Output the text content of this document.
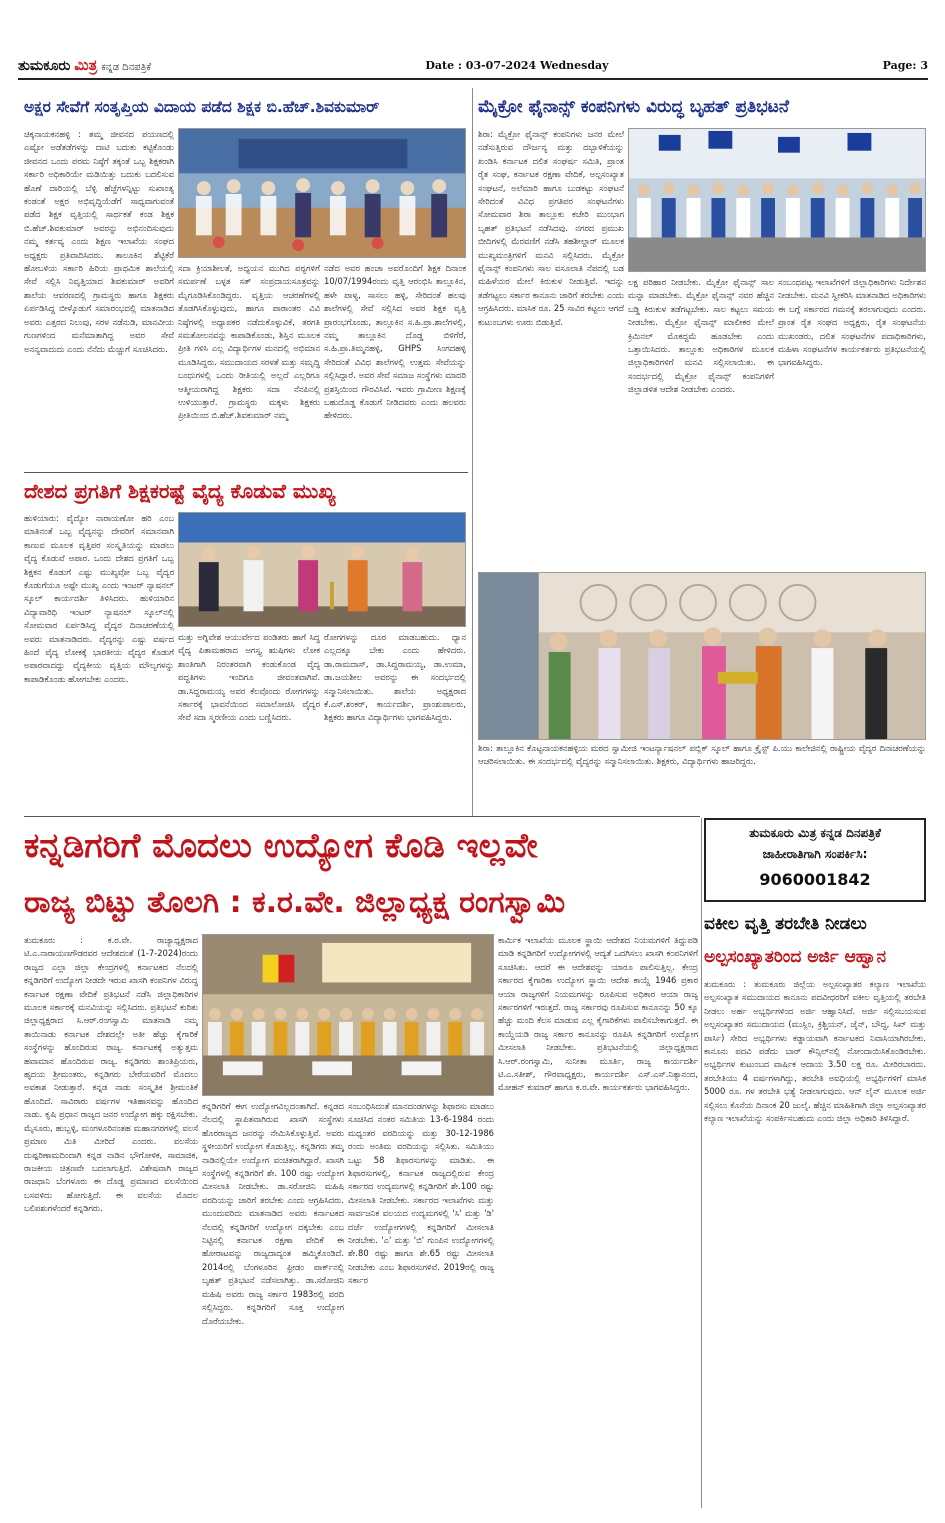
ತುಮಕೂರು ಮಿತ್ರ ಕನ್ನಡ ದಿನಪತ್ರಿಕೆ	Date : 03-07-2024 Wednesday	Page: 3
ಅಕ್ಷರ ಸೇವೆಗೆ ಸಂತೃಪ್ತಿಯ ವಿದಾಯ ಪಡೆದ ಶಿಕ್ಷಕ ಬಿ.ಹೆಚ್.ಶಿವಕುಮಾರ್
ಚಿಕ್ಕನಾಯಕನಹಳ್ಳಿ : ತಮ್ಮ ಜೀವನದ ಪಯಣದಲ್ಲಿ ಎಷ್ಟೋ ಅಡೆತಡೆಗಳನ್ನು ದಾಟಿ ಬದುಕು ಕಟ್ಟಿಕೊಂಡು ಜೀವನದ ಒಂದು ಪರಮ ನಿಷ್ಠೆಗೆ ತಕ್ಕಂತೆ ಒಬ್ಬ ಶಿಕ್ಷಕರಾಗಿ ಸರ್ಕಾರಿ ಅಧಿಕಾರಿಯೇ ಮಡಿಯಿತ್ತು ಬದುಕು ಬದಲಿಸುವ ಹೊಣೆ ದಾರಿಯಲ್ಲಿ ಬೆಳ್ಳಿ ಹೆಜ್ಜೆಗಳನ್ನಿಟ್ಟು ಸುಖಾಂತ್ಯ ಕಂಡಂತೆ ಅಕ್ಷರ ಅಭಿವೃದ್ಧಿಯೆಡೆಗೆ ಸಾಧ್ಯವಾಗುವಂತೆ ಪಡೆದ ಶಿಕ್ಷಕ ವೃತ್ತಿಯಲ್ಲಿ ಸಾರ್ಥಕತೆ ಕಂಡ ಶಿಕ್ಷಕ ಬಿ.ಹೆಚ್.ಶಿವಕುಮಾರ್ ಅವರನ್ನು ಅಭಿನಂದಿಸುವುದು ನಮ್ಮ ಕರ್ತವ್ಯ ಎಂದು ಶಿಕ್ಷಣ ಇಲಾಖೆಯ ಸಂಘದ ಅಧ್ಯಕ್ಷರು ಪ್ರತಿವಾದಿಸಿದರು. ತಾಲೂಕಿನ ಶೆಟ್ಟಿಕೆರೆ ಹೋಬಳಿಯ ಸರ್ಕಾರಿ ಹಿರಿಯ ಪ್ರಾಥಮಿಕ ಶಾಲೆಯಲ್ಲಿ ಸೇವೆ ಸಲ್ಲಿಸಿ ನಿವೃತ್ತಿಯಾದ ಶಿವಕುಮಾರ್ ಅವರಿಗೆ ಶಾಲೆಯ ಆವರಣದಲ್ಲಿ ಗ್ರಾಮಸ್ಥರು ಹಾಗೂ ಶಿಕ್ಷಕರು ಏರ್ಪಡಿಸಿದ್ದ ಬೀಳ್ಕೊಡುಗೆ ಸಮಾರಂಭದಲ್ಲಿ ಮಾತನಾಡಿದ ಅವರು ಎತ್ತರದ ನಿಲುವು, ಸರಳ ನಡೆನುಡಿ, ಮಾನವೀಯ ಗುಣಗಳಿಂದ ಮನೆಮಾತಾಗಿದ್ದ ಅವರ ಸೇವೆ ಅನನ್ಯವಾದುದು ಎಂದು ನೆನೆದು ಮೆಚ್ಚುಗೆ ಸೂಚಿಸಿದರು.
ಸದಾ ಕ್ರಿಯಾಶೀಲತೆ, ಅಧ್ಯಯನ ಮುಗಿದ ಪಠ್ಯಗಳಿಗೆ ಸಮರ್ಪಣೆ ಬಳ್ಳತ ಸತ್ ಸಂಪ್ರದಾಯಸೂತ್ರವನ್ನು ಮೈಗೂಡಿಸಿಕೊಂಡಿದ್ದರು. ವೃತ್ತಿಯ ಆಚರಣೆಗಳಲ್ಲಿ ತೊಡಗಿಸಿಕೊಳ್ಳುವುದು, ಹಾಗೂ ಪಾಠಾಂತರ ವಿವಿ ನಿಷ್ಠೆಗಳಲ್ಲಿ ಅಧ್ಯಾಪಕರ ನಡೆದುಕೊಳ್ಳುವಿಕೆ, ತರಗತಿ ಸಮತೋಲನವನ್ನು ಕಾಪಾಡಿಕೊಂಡು, ಶಿಸ್ತಿನ ಮೂಲಕ ಪ್ರೀತಿ ಗಳಿಸಿ ಎಲ್ಲ ವಿದ್ಯಾರ್ಥಿಗಳ ಮನದಲ್ಲಿ ಅಭಿಮಾನ ಮೂಡಿಸಿದ್ದರು. ಸಮುದಾಯದ ಸರಳತೆ ಮತ್ತು ಸಮೃದ್ಧಿ ಬಂಧುಗಳಲ್ಲಿ ಒಂದು ರೀತಿಯಲ್ಲಿ ಅಲ್ಲದೆ ಎಲ್ಲರಿಗೂ ಆತ್ಮೀಯರಾಗಿದ್ದ ಶಿಕ್ಷಕರು ಸದಾ ನೆನಪಿನಲ್ಲಿ ಉಳಿಯುತ್ತಾರೆ. ಗ್ರಾಮಸ್ಥರು ಮಕ್ಕಳು ಶಿಕ್ಷಕರು ಪ್ರೀತಿಯಿಂದ ಬಿ.ಹೆಚ್.ಶಿವಕುಮಾರ್ ನಮ್ಮ
ನಡೆದ ಅವರ ಹಂಚಾ ಅವರೊಂದಿಗೆ ಶಿಕ್ಷಕ ದಿನಾಂಕ 10/07/1994ರಂದು ವೃತ್ತಿ ಆರಂಭಿಸಿ ತಾಲ್ಲೂಕಿನ, ಹಳೇ ಪಾಳ್ಯ, ಸಾಸಲು ಹಳ್ಳಿ, ಸೇರಿದಂತೆ ಹಲವು ಶಾಲೆಗಳಲ್ಲಿ ಸೇವೆ ಸಲ್ಲಿಸಿದ ಅವರ ಶಿಕ್ಷಕ ವೃತ್ತಿ ಪ್ರಾರಂಭಗೊಂಡು, ತಾಲ್ಲೂಕಿನ ಸ.ಹಿ.ಪ್ರಾ.ಶಾಲೆಗಳಲ್ಲಿ, ನಮ್ಮ ತಾಲ್ಲೂಕಿನ ದೊಡ್ಡ ಬಿಳಿಗೆರೆ, ಸ.ಹಿ.ಪ್ರಾ.ತಿಮ್ಮನಹಳ್ಳಿ, GHPS ಸಿಂಗದಹಳ್ಳಿ ಸೇರಿದಂತೆ ವಿವಿಧ ಶಾಲೆಗಳಲ್ಲಿ ಉತ್ತಮ ಸೇವೆಯನ್ನು ಸಲ್ಲಿಸಿದ್ದಾರೆ. ಅವರ ಸೇವೆ ಸಮಾಜ ಸಂಸ್ಥೆಗಳು ಮಾದರಿ ಪ್ರಶಸ್ತಿಯಿಂದ ಗೌರವಿಸಿವೆ. ಇವರು ಗ್ರಾಮೀಣ ಶಿಕ್ಷಣಕ್ಕೆ ಬಹುದೊಡ್ಡ ಕೊಡುಗೆ ನೀಡಿದವರು ಎಂದು ಹಲವರು ಹೇಳಿದರು.
ದೇಶದ ಪ್ರಗತಿಗೆ ಶಿಕ್ಷಕರಷ್ಟೆ ವೈದ್ಯ ಕೊಡುವೆ ಮುಖ್ಯ
ಹುಳಿಯಾರು: ವೈದ್ಯೋ ನಾರಾಯಣೋ ಹರಿ ಎಂಬ ಮಾತಿನಂತೆ ಒಬ್ಬ ವೈದ್ಯನನ್ನು ದೇವರಿಗೆ ಸಮಾನವಾಗಿ ಕಾಣುವ ಮೂಲಕ ವೃತ್ತಿಪರ ಸಂಸ್ಕೃತಿಯನ್ನು ಮಾಡಲು ವೈದ್ಯ ಕೊಡುವೆ ಅಪಾರ. ಒಂದು ದೇಶದ ಪ್ರಗತಿಗೆ ಒಬ್ಬ ಶಿಕ್ಷಕನ ಕೊಡುಗೆ ಎಷ್ಟು ಮುಖ್ಯವೋ ಒಬ್ಬ ವೈದ್ಯರ ಕೊಡುಗೆಯೂ ಅಷ್ಟೇ ಮುಖ್ಯ ಎಂದು ಇಂಟರ್ ನ್ಯಾಷನಲ್ ಸ್ಕೂಲ್ ಕಾರ್ಯದರ್ಶಿ ತಿಳಿಸಿದರು. ಹುಳಿಯಾರಿನ ವಿದ್ಯಾವಾರಿಧಿ ಇಂಟರ್ ನ್ಯಾಷನಲ್ ಸ್ಕೂಲ್‌ನಲ್ಲಿ ಸೋಮವಾರ ಏರ್ಪಡಿಸಿದ್ದ ವೈದ್ಯರ ದಿನಾಚರಣೆಯಲ್ಲಿ ಅವರು ಮಾತನಾಡಿದರು. ವೈದ್ಯರನ್ನು ಎಷ್ಟು ವರ್ಷದ ಹಿಂದೆ ವೈದ್ಯ ಲೋಕಕ್ಕೆ ಭಾರತೀಯ ವೈದ್ಯರ ಕೊಡುಗೆ ಅಪಾರವಾದದ್ದು ವೈದ್ಯಕೀಯ ವೃತ್ತಿಯ ಮೌಲ್ಯಗಳನ್ನು ಕಾಪಾಡಿಕೊಂಡು ಹೋಗಬೇಕು ಎಂದರು.
ಮತ್ತು ಅಗ್ನಿವೇಶ ಆಯುರ್ವೇದ ಪಂಡಿತರು ಹಾಗೆ ಸಿದ್ಧ ವೈದ್ಯ ಪಿತಾಮಹರಾದ ಅಗಸ್ತ್ಯ ಋಷಿಗಳು ಲೋಕ ಶಾಂತಿಗಾಗಿ ನಿರಂತರವಾಗಿ ಕಂಡುಕೊಂಡ ವೈದ್ಯ ಪದ್ಧತಿಗಳು ಇಂದಿಗೂ ಜೀವಂತವಾಗಿವೆ. ಡಾ.ಸಿದ್ದರಾಮಯ್ಯ ಅವರ ಕೆಲವೊಂದು ರೋಗಗಳನ್ನು ಸರ್ಕಾರಕ್ಕೆ ಭಾವನೆಯಿಂದ ಸಮಾಲೋಚಿಸಿ ವೈದ್ಯರ ಸೇವೆ ಸದಾ ಸ್ಮರಣೀಯ ಎಂದು ಬಣ್ಣಿಸಿದರು.
ರೋಗಗಳನ್ನು ದೂರ ಮಾಡಬಹುದು. ಧ್ಯಾನ ಎಲ್ಲದಕ್ಕೂ ಬೇಕು ಎಂದು ಹೇಳಿದರು. ಡಾ.ರಾಮದಾಸ್, ಡಾ.ಸಿದ್ದರಾಮಯ್ಯ, ಡಾ.ಉಮಾ, ಡಾ.ಜಯಶೀಲ ಅವರನ್ನು ಈ ಸಂದರ್ಭದಲ್ಲಿ ಸನ್ಮಾನಿಸಲಾಯಿತು. ಶಾಲೆಯ ಅಧ್ಯಕ್ಷರಾದ ಕೆ.ಎಸ್.ಶಂಕರ್, ಕಾರ್ಯದರ್ಶಿ, ಪ್ರಾಂಶುಪಾಲರು, ಶಿಕ್ಷಕರು ಹಾಗೂ ವಿದ್ಯಾರ್ಥಿಗಳು ಭಾಗವಹಿಸಿದ್ದರು.
ಮೈಕ್ರೋ ಫೈನಾನ್ಸ್ ಕಂಪನಿಗಳು ವಿರುದ್ಧ ಬೃಹತ್ ಪ್ರತಿಭಟನೆ
ಶಿರಾ: ಮೈಕ್ರೋ ಫೈನಾನ್ಸ್ ಕಂಪನಿಗಳು ಜನರ ಮೇಲೆ ನಡೆಸುತ್ತಿರುವ ದೌರ್ಜನ್ಯ ಮತ್ತು ದಬ್ಬಾಳಿಕೆಯನ್ನು ಖಂಡಿಸಿ ಕರ್ನಾಟಕ ದಲಿತ ಸಂಘರ್ಷ ಸಮಿತಿ, ಪ್ರಾಂತ ರೈತ ಸಂಘ, ಕರ್ನಾಟಕ ರಕ್ಷಣಾ ವೇದಿಕೆ, ಅಲ್ಪಸಂಖ್ಯಾತ ಸಂಘಟನೆ, ಅಲೆಮಾರಿ ಹಾಗೂ ಬುಡಕಟ್ಟು ಸಂಘಟನೆ ಸೇರಿದಂತೆ ವಿವಿಧ ಪ್ರಗತಿಪರ ಸಂಘಟನೆಗಳು ಸೋಮವಾರ ಶಿರಾ ತಾಲ್ಲೂಕು ಕಚೇರಿ ಮುಂಭಾಗ ಬೃಹತ್ ಪ್ರತಿಭಟನೆ ನಡೆಸಿದವು. ನಗರದ ಪ್ರಮುಖ ಬೀದಿಗಳಲ್ಲಿ ಮೆರವಣಿಗೆ ನಡೆಸಿ ತಹಶೀಲ್ದಾರ್ ಮೂಲಕ ಮುಖ್ಯಮಂತ್ರಿಗಳಿಗೆ ಮನವಿ ಸಲ್ಲಿಸಿದರು. ಮೈಕ್ರೋ ಫೈನಾನ್ಸ್ ಕಂಪನಿಗಳು ಸಾಲ ವಸೂಲಾತಿ ನೆಪದಲ್ಲಿ ಬಡ ಮಹಿಳೆಯರ ಮೇಲೆ ಕಿರುಕುಳ ನೀಡುತ್ತಿವೆ. ಇದನ್ನು ತಡೆಗಟ್ಟಲು ಸರ್ಕಾರ ಕಾನೂನು ಜಾರಿಗೆ ತರಬೇಕು ಎಂದು ಆಗ್ರಹಿಸಿದರು. ಮಾಸಿಕ ರೂ. 25 ಸಾವಿರ ಕಟ್ಟಲು ಆಗದೆ ಕುಟುಂಬಗಳು ಊರು ಬಿಡುತ್ತಿವೆ.
ಲಕ್ಷ ಪರಿಹಾರ ನೀಡಬೇಕು. ಮೈಕ್ರೋ ಫೈನಾನ್ಸ್ ಸಾಲ ಮನ್ನಾ ಮಾಡಬೇಕು. ಮೈಕ್ರೋ ಫೈನಾನ್ಸ್ ನವರ ಹೆಚ್ಚಿನ ಬಡ್ಡಿ ಕಿರುಕುಳ ತಡೆಗಟ್ಟಬೇಕು. ಸಾಲ ಕಟ್ಟಲು ಸಮಯ ನೀಡಬೇಕು. ಮೈಕ್ರೋ ಫೈನಾನ್ಸ್ ಮಾಲೀಕರ ಮೇಲೆ ಕ್ರಿಮಿನಲ್ ಮೊಕದ್ದಮೆ ಹೂಡಬೇಕು ಎಂದು ಒತ್ತಾಯಿಸಿದರು. ತಾಲ್ಲೂಕು ಅಧಿಕಾರಿಗಳ ಮೂಲಕ ಜಿಲ್ಲಾಧಿಕಾರಿಗಳಿಗೆ ಮನವಿ ಸಲ್ಲಿಸಲಾಯಿತು. ಈ ಸಂದರ್ಭದಲ್ಲಿ ಮೈಕ್ರೋ ಫೈನಾನ್ಸ್ ಕಂಪನಿಗಳಿಗೆ ಜಿಲ್ಲಾಡಳಿತ ಆದೇಶ ನೀಡಬೇಕು ಎಂದರು.
ಸಂಬಂಧಪಟ್ಟ ಇಲಾಖೆಗಳಿಗೆ ಜಿಲ್ಲಾಧಿಕಾರಿಗಳು ನಿರ್ದೇಶನ ನೀಡಬೇಕು. ಮನವಿ ಸ್ವೀಕರಿಸಿ ಮಾತನಾಡಿದ ಅಧಿಕಾರಿಗಳು ಈ ಬಗ್ಗೆ ಸರ್ಕಾರದ ಗಮನಕ್ಕೆ ತರಲಾಗುವುದು ಎಂದರು. ಪ್ರಾಂತ ರೈತ ಸಂಘದ ಅಧ್ಯಕ್ಷರು, ರೈತ ಸಂಘಟನೆಯ ಮುಖಂಡರು, ದಲಿತ ಸಂಘಟನೆಗಳ ಪದಾಧಿಕಾರಿಗಳು, ಮಹಿಳಾ ಸಂಘಟನೆಗಳ ಕಾರ್ಯಕರ್ತರು ಪ್ರತಿಭಟನೆಯಲ್ಲಿ ಭಾಗವಹಿಸಿದ್ದರು.
ಶಿರಾ: ತಾಲ್ಲೂಕಿನ ಕೊಟ್ಟನಾಯಕನಹಳ್ಳಿಯ ಮಠದ ಸ್ವಾಮೀಜಿ ಇಂಟರ್ನ್ಯಾಷನಲ್ ಪಬ್ಲಿಕ್ ಸ್ಕೂಲ್ ಹಾಗೂ ಕ್ರೈಸ್ಟ್ ಪಿ.ಯು ಕಾಲೇಜಿನಲ್ಲಿ ರಾಷ್ಟ್ರೀಯ ವೈದ್ಯರ ದಿನಾಚರಣೆಯನ್ನು ಆಚರಿಸಲಾಯಿತು. ಈ ಸಂದರ್ಭದಲ್ಲಿ ವೈದ್ಯರನ್ನು ಸನ್ಮಾನಿಸಲಾಯಿತು. ಶಿಕ್ಷಕರು, ವಿದ್ಯಾರ್ಥಿಗಳು ಹಾಜರಿದ್ದರು.
ಕನ್ನಡಿಗರಿಗೆ ಮೊದಲು ಉದ್ಯೋಗ ಕೊಡಿ ಇಲ್ಲವೇ
ರಾಜ್ಯ ಬಿಟ್ಟು ತೊಲಗಿ : ಕ.ರ.ವೇ. ಜಿಲ್ಲಾಧ್ಯಕ್ಷ ರಂಗಸ್ವಾಮಿ
ತುಮಕೂರು : ಕ.ರ.ವೇ. ರಾಜ್ಯಾಧ್ಯಕ್ಷರಾದ ಟಿ.ಎ.ನಾರಾಯಣಗೌಡರವರ ಆದೇಶದಂತೆ (1-7-2024)ರಂದು ರಾಜ್ಯದ ಎಲ್ಲಾ ಜಿಲ್ಲಾ ಕೇಂದ್ರಗಳಲ್ಲಿ ಕರ್ನಾಟಕದ ನೆಲದಲ್ಲಿ ಕನ್ನಡಿಗರಿಗೆ ಉದ್ಯೋಗ ನೀಡದೇ ಇರುವ ಖಾಸಗಿ ಕಂಪನಿಗಳ ವಿರುದ್ಧ ಕರ್ನಾಟಕ ರಕ್ಷಣಾ ವೇದಿಕೆ ಪ್ರತಿಭಟನೆ ನಡೆಸಿ ಜಿಲ್ಲಾಧಿಕಾರಿಗಳ ಮೂಲಕ ಸರ್ಕಾರಕ್ಕೆ ಮನವಿಯನ್ನು ಸಲ್ಲಿಸಿದರು. ಪ್ರತಿಭಟನೆ ಕುರಿತು ಜಿಲ್ಲಾಧ್ಯಕ್ಷರಾದ ಸಿ.ಆರ್.ರಂಗಸ್ವಾಮಿ ಮಾತನಾಡಿ ನಮ್ಮ ತಾಯಿನಾಡು ಕರ್ನಾಟಕ ದೇಶದಲ್ಲೇ ಅತೀ ಹೆಚ್ಚು ಕೈಗಾರಿಕೆ ಸಂಸ್ಥೆಗಳನ್ನು ಹೊಂದಿರುವ ರಾಜ್ಯ. ಕರ್ನಾಟಕಕ್ಕೆ ಅತ್ಯುತ್ತಮ ಹವಾಮಾನ ಹೊಂದಿರುವ ರಾಜ್ಯ. ಕನ್ನಡಿಗರು ಶಾಂತಿಪ್ರಿಯರು, ಹೃದಯ ಶ್ರೀಮಂತರು, ಕನ್ನಡಿಗರು ಬೇರೆಯವರಿಗೆ ಮೊದಲು ಅವಕಾಶ ನೀಡುತ್ತಾರೆ. ಕನ್ನಡ ನಾಡು ಸಂಸ್ಕೃತಿಕ ಶ್ರೀಮಂತಿಕೆ ಹೊಂದಿದೆ. ಸಾವಿರಾರು ವರ್ಷಗಳ ಇತಿಹಾಸವನ್ನು ಹೊಂದಿದ ನಾಡು. ಕೃಷಿ ಪ್ರಧಾನ ರಾಜ್ಯದ ಜನರ ಉದ್ಯೋಗ ಹಕ್ಕು ರಕ್ಷಿಸಬೇಕು. ಮೈಸೂರು, ಹುಬ್ಬಳ್ಳಿ, ಮಂಗಳೂರಿನಂತಹ ಮಹಾನಗರಗಳಲ್ಲಿ ವಲಸೆ ಪ್ರಮಾಣ ಮಿತಿ ಮೀರಿದೆ ಎಂದರು. ವಲಸೆಯ ದುಷ್ಪರಿಣಾಮದಿಂದಾಗಿ ಕನ್ನಡ ನಾಡಿನ ಭೌಗೋಳಿಕ, ಸಾಮಾಜಿಕ, ರಾಜಕೀಯ ಚಿತ್ರಣವೇ ಬದಲಾಗುತ್ತಿದೆ. ವಿಶೇಷವಾಗಿ ರಾಜ್ಯದ ರಾಜಧಾನಿ ಬೆಂಗಳೂರು ಈ ದೊಡ್ಡ ಪ್ರಮಾಣದ ವಲಸೆಯಿಂದ ಬಸವಳಿದು ಹೋಗುತ್ತಿದೆ. ಈ ವಲಸೆಯ ಮೊದಲ ಬಲಿಪಶುಗಳೆಂದರೆ ಕನ್ನಡಿಗರು.
ಕನ್ನಡಿಗರಿಗೆ ಈಗ ಉದ್ಯೋಗವಿಲ್ಲದಂತಾಗಿದೆ. ಕನ್ನಡದ ನೆಲದಲ್ಲಿ ಸ್ಥಾಪಿತವಾಗಿರುವ ಖಾಸಗಿ ಸಂಸ್ಥೆಗಳು ಹೊರರಾಜ್ಯದ ಜನರನ್ನು ನೇಮಿಸಿಕೊಳ್ಳುತ್ತಿವೆ. ಅವರು ಸ್ಥಳೀಯರಿಗೆ ಉದ್ಯೋಗ ಕೊಡುತ್ತಿಲ್ಲ. ಕನ್ನಡಿಗರು ತಮ್ಮ ನಾಡಿನಲ್ಲಿಯೇ ಉದ್ಯೋಗ ವಂಚಿತರಾಗಿದ್ದಾರೆ. ಖಾಸಗಿ ಸಂಸ್ಥೆಗಳಲ್ಲಿ ಕನ್ನಡಿಗರಿಗೆ ಶೇ. 100 ರಷ್ಟು ಉದ್ಯೋಗ ಮೀಸಲಾತಿ ನೀಡಬೇಕು. ಡಾ.ಸರೋಜಿನಿ ಮಹಿಷಿ ವರದಿಯನ್ನು ಜಾರಿಗೆ ತರಬೇಕು ಎಂದು ಆಗ್ರಹಿಸಿದರು. ಮುಂದುವರಿದು ಮಾತನಾಡಿದ ಅವರು ಕರ್ನಾಟಕದ ನೆಲದಲ್ಲಿ ಕನ್ನಡಿಗರಿಗೆ ಉದ್ಯೋಗ ದಕ್ಕಬೇಕು ಎಂಬ ನಿಟ್ಟಿನಲ್ಲಿ ಕರ್ನಾಟಕ ರಕ್ಷಣಾ ವೇದಿಕೆ ಈ ಹೋರಾಟವನ್ನು ರಾಜ್ಯದಾದ್ಯಂತ ಹಮ್ಮಿಕೊಂಡಿದೆ. 2014ರಲ್ಲಿ ಬೆಂಗಳೂರಿನ ಫ್ರೀಡಂ ಪಾರ್ಕ್‌ನಲ್ಲಿ ಬೃಹತ್ ಪ್ರತಿಭಟನೆ ನಡೆಸಲಾಗಿತ್ತು. ಡಾ.ಸರೋಜಿನಿ ಮಹಿಷಿ ಅವರು ರಾಜ್ಯ ಸರ್ಕಾರ 1983ರಲ್ಲಿ ವರದಿ ಸಲ್ಲಿಸಿದ್ದರು. ಕನ್ನಡಿಗರಿಗೆ ಸೂಕ್ತ ಉದ್ಯೋಗ ದೊರೆಯಬೇಕು.
ಸಂಬಂಧಿಸಿದಂತೆ ಮಾನದಂಡಗಳನ್ನು ಶಿಫಾರಸು ಮಾಡಲು ಸೂಚಿಸಿದ ನಂತರ ಸಮಿತಿಯ 13-6-1984 ರಂದು ಮಧ್ಯಂತರ ವರದಿಯನ್ನು ಮತ್ತು 30-12-1986 ರಂದು ಅಂತಿಮ ವರದಿಯನ್ನು ಸಲ್ಲಿಸಿತು. ಸಮಿತಿಯು ಒಟ್ಟು 58 ಶಿಫಾರಸುಗಳನ್ನು ಮಾಡಿತು. ಈ ಶಿಫಾರಸುಗಳಲ್ಲಿ, ಕರ್ನಾಟಕ ರಾಜ್ಯದಲ್ಲಿರುವ ಕೇಂದ್ರ ಸರ್ಕಾರದ ಉದ್ಯಮಗಳಲ್ಲಿ ಕನ್ನಡಿಗರಿಗೆ ಶೇ.100 ರಷ್ಟು ಮೀಸಲಾತಿ ನೀಡಬೇಕು. ಸರ್ಕಾರದ ಇಲಾಖೆಗಳು ಮತ್ತು ಸಾರ್ವಜನಿಕ ವಲಯದ ಉದ್ಯಮಗಳಲ್ಲಿ 'ಸಿ' ಮತ್ತು 'ಡಿ' ದರ್ಜೆ ಉದ್ಯೋಗಗಳಲ್ಲಿ ಕನ್ನಡಿಗರಿಗೆ ಮೀಸಲಾತಿ ನೀಡಬೇಕು. 'ಎ' ಮತ್ತು 'ಬಿ' ಗುಂಪಿನ ಉದ್ಯೋಗಗಳಲ್ಲಿ ಶೇ.80 ರಷ್ಟು ಹಾಗೂ ಶೇ.65 ರಷ್ಟು ಮೀಸಲಾತಿ ನೀಡಬೇಕು ಎಂಬ ಶಿಫಾರಸುಗಳಿವೆ. 2019ರಲ್ಲಿ ರಾಜ್ಯ ಸರ್ಕಾರ
ಕಾರ್ಮಿಕ ಇಲಾಖೆಯ ಮೂಲಕ ಸ್ಥಾಯಿ ಆದೇಶದ ನಿಯಮಗಳಿಗೆ ತಿದ್ದುಪಡಿ ಮಾಡಿ ಕನ್ನಡಿಗರಿಗೆ ಉದ್ಯೋಗಗಳಲ್ಲಿ ಆದ್ಯತೆ ಒದಗಿಸಲು ಖಾಸಗಿ ಕಂಪನಿಗಳಿಗೆ ಸೂಚಿಸಿತು. ಆದರೆ ಈ ಆದೇಶವನ್ನು ಯಾರೂ ಪಾಲಿಸುತ್ತಿಲ್ಲ. ಕೇಂದ್ರ ಸರ್ಕಾರದ ಕೈಗಾರಿಕಾ ಉದ್ಯೋಗ ಸ್ಥಾಯಿ ಆದೇಶ ಕಾಯ್ದೆ 1946 ಪ್ರಕಾರ ಆಯಾ ರಾಜ್ಯಗಳಿಗೆ ನಿಯಮಗಳನ್ನು ರೂಪಿಸುವ ಅಧಿಕಾರ ಆಯಾ ರಾಜ್ಯ ಸರ್ಕಾರಗಳಿಗೆ ಇರುತ್ತದೆ. ರಾಜ್ಯ ಸರ್ಕಾರವು ರೂಪಿಸುವ ಕಾನೂನನ್ನು 50 ಕ್ಕೂ ಹೆಚ್ಚು ಮಂದಿ ಕೆಲಸ ಮಾಡುವ ಎಲ್ಲ ಕೈಗಾರಿಕೆಗಳು ಪಾಲಿಸಬೇಕಾಗುತ್ತದೆ. ಈ ಕಾಯ್ದೆಯಡಿ ರಾಜ್ಯ ಸರ್ಕಾರ ಕಾನೂನನ್ನು ರೂಪಿಸಿ ಕನ್ನಡಿಗರಿಗೆ ಉದ್ಯೋಗ ಮೀಸಲಾತಿ ನೀಡಬೇಕು. ಪ್ರತಿಭಟನೆಯಲ್ಲಿ ಜಿಲ್ಲಾಧ್ಯಕ್ಷರಾದ ಸಿ.ಆರ್.ರಂಗಸ್ವಾಮಿ, ಸುನೀತಾ ಮೂರ್ತಿ, ರಾಜ್ಯ ಕಾರ್ಯದರ್ಶಿ ಟಿ.ಎ.ಸತೀಶ್, ಗೌರವಾಧ್ಯಕ್ಷರು, ಕಾರ್ಯದರ್ಶಿ ಎಸ್.ಎಸ್.ನಿತ್ಯಾನಂದ, ಮೋಹನ್ ಕುಮಾರ್ ಹಾಗೂ ಕ.ರ.ವೇ. ಕಾರ್ಯಕರ್ತರು ಭಾಗವಹಿಸಿದ್ದರು.
ತುಮಕೂರು ಮಿತ್ರ ಕನ್ನಡ ದಿನಪತ್ರಿಕೆ
ಜಾಹೀರಾತಿಗಾಗಿ ಸಂಪರ್ಕಿಸಿ:
9060001842
ವಕೀಲ ವೃತ್ತಿ ತರಬೇತಿ ನೀಡಲು
ಅಲ್ಪಸಂಖ್ಯಾತರಿಂದ ಅರ್ಜಿ ಆಹ್ವಾನ
ತುಮಕೂರು : ತುಮಕೂರು ಜಿಲ್ಲೆಯ ಅಲ್ಪಸಂಖ್ಯಾತರ ಕಲ್ಯಾಣ ಇಲಾಖೆಯ ಅಲ್ಪಸಂಖ್ಯಾತ ಸಮುದಾಯದ ಕಾನೂನು ಪದವೀಧರರಿಗೆ ವಕೀಲ ವೃತ್ತಿಯಲ್ಲಿ ತರಬೇತಿ ನೀಡಲು ಅರ್ಹ ಅಭ್ಯರ್ಥಿಗಳಿಂದ ಅರ್ಜಿ ಆಹ್ವಾನಿಸಿದೆ. ಅರ್ಜಿ ಸಲ್ಲಿಸಬಯಸುವ ಅಲ್ಪಸಂಖ್ಯಾತರ ಸಮುದಾಯದ (ಮುಸ್ಲಿಂ, ಕ್ರಿಶ್ಚಿಯನ್, ಜೈನ್, ಬೌದ್ಧ, ಸಿಖ್ ಮತ್ತು ಪಾರ್ಸಿ) ಸೇರಿದ ಅಭ್ಯರ್ಥಿಗಳು ಕಡ್ಡಾಯವಾಗಿ ಕರ್ನಾಟಕದ ನಿವಾಸಿಯಾಗಿರಬೇಕು. ಕಾನೂನು ಪದವಿ ಪಡೆದು ಬಾರ್ ಕೌನ್ಸಿಲ್‌ನಲ್ಲಿ ನೋಂದಾಯಿಸಿಕೊಂಡಿರಬೇಕು. ಅಭ್ಯರ್ಥಿಗಳ ಕುಟುಂಬದ ವಾರ್ಷಿಕ ಆದಾಯ 3.50 ಲಕ್ಷ ರೂ. ಮೀರಿರಬಾರದು. ತರಬೇತಿಯು 4 ವರ್ಷಗಳಾಗಿದ್ದು, ತರಬೇತಿ ಅವಧಿಯಲ್ಲಿ ಅಭ್ಯರ್ಥಿಗಳಿಗೆ ಮಾಸಿಕ 5000 ರೂ. ಗಳ ತರಬೇತಿ ಭತ್ಯೆ ನೀಡಲಾಗುವುದು. ಆನ್ ಲೈನ್ ಮೂಲಕ ಅರ್ಜಿ ಸಲ್ಲಿಸಲು ಕೊನೆಯ ದಿನಾಂಕ 20 ಜುಲೈ. ಹೆಚ್ಚಿನ ಮಾಹಿತಿಗಾಗಿ ಜಿಲ್ಲಾ ಅಲ್ಪಸಂಖ್ಯಾತರ ಕಲ್ಯಾಣ ಇಲಾಖೆಯನ್ನು ಸಂಪರ್ಕಿಸಬಹುದು ಎಂದು ಜಿಲ್ಲಾ ಅಧಿಕಾರಿ ತಿಳಿಸಿದ್ದಾರೆ.
